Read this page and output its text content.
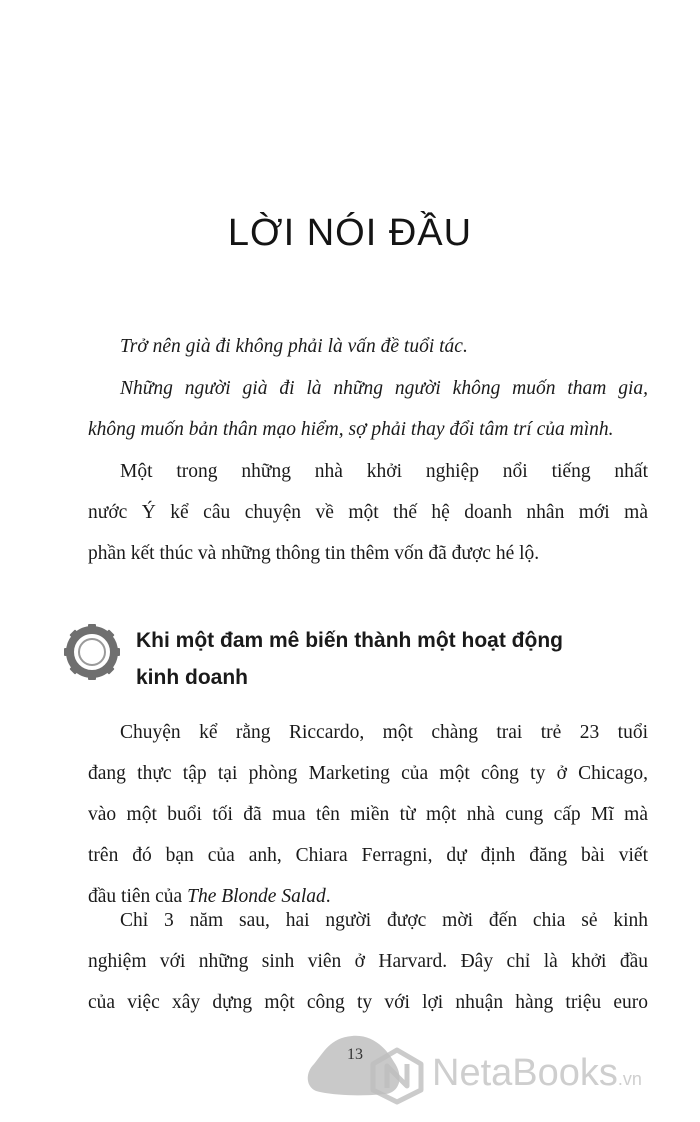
LỜI NÓI ĐẦU
Trở nên già đi không phải là vấn đề tuổi tác.
Những người già đi là những người không muốn tham gia,
không muốn bản thân mạo hiểm, sợ phải thay đổi tâm trí của mình.
Một trong những nhà khởi nghiệp nổi tiếng nhất
nước Ý kể câu chuyện về một thế hệ doanh nhân mới mà
phần kết thúc và những thông tin thêm vốn đã được hé lộ.
Khi một đam mê biến thành một hoạt động
kinh doanh
Chuyện kể rằng Riccardo, một chàng trai trẻ 23 tuổi
đang thực tập tại phòng Marketing của một công ty ở Chicago,
vào một buổi tối đã mua tên miền từ một nhà cung cấp Mĩ mà
trên đó bạn của anh, Chiara Ferragni, dự định đăng bài viết
đầu tiên của The Blonde Salad.
Chỉ 3 năm sau, hai người được mời đến chia sẻ kinh
nghiệm với những sinh viên ở Harvard. Đây chỉ là khởi đầu
của việc xây dựng một công ty với lợi nhuận hàng triệu euro
13	NetaBooks.vn
